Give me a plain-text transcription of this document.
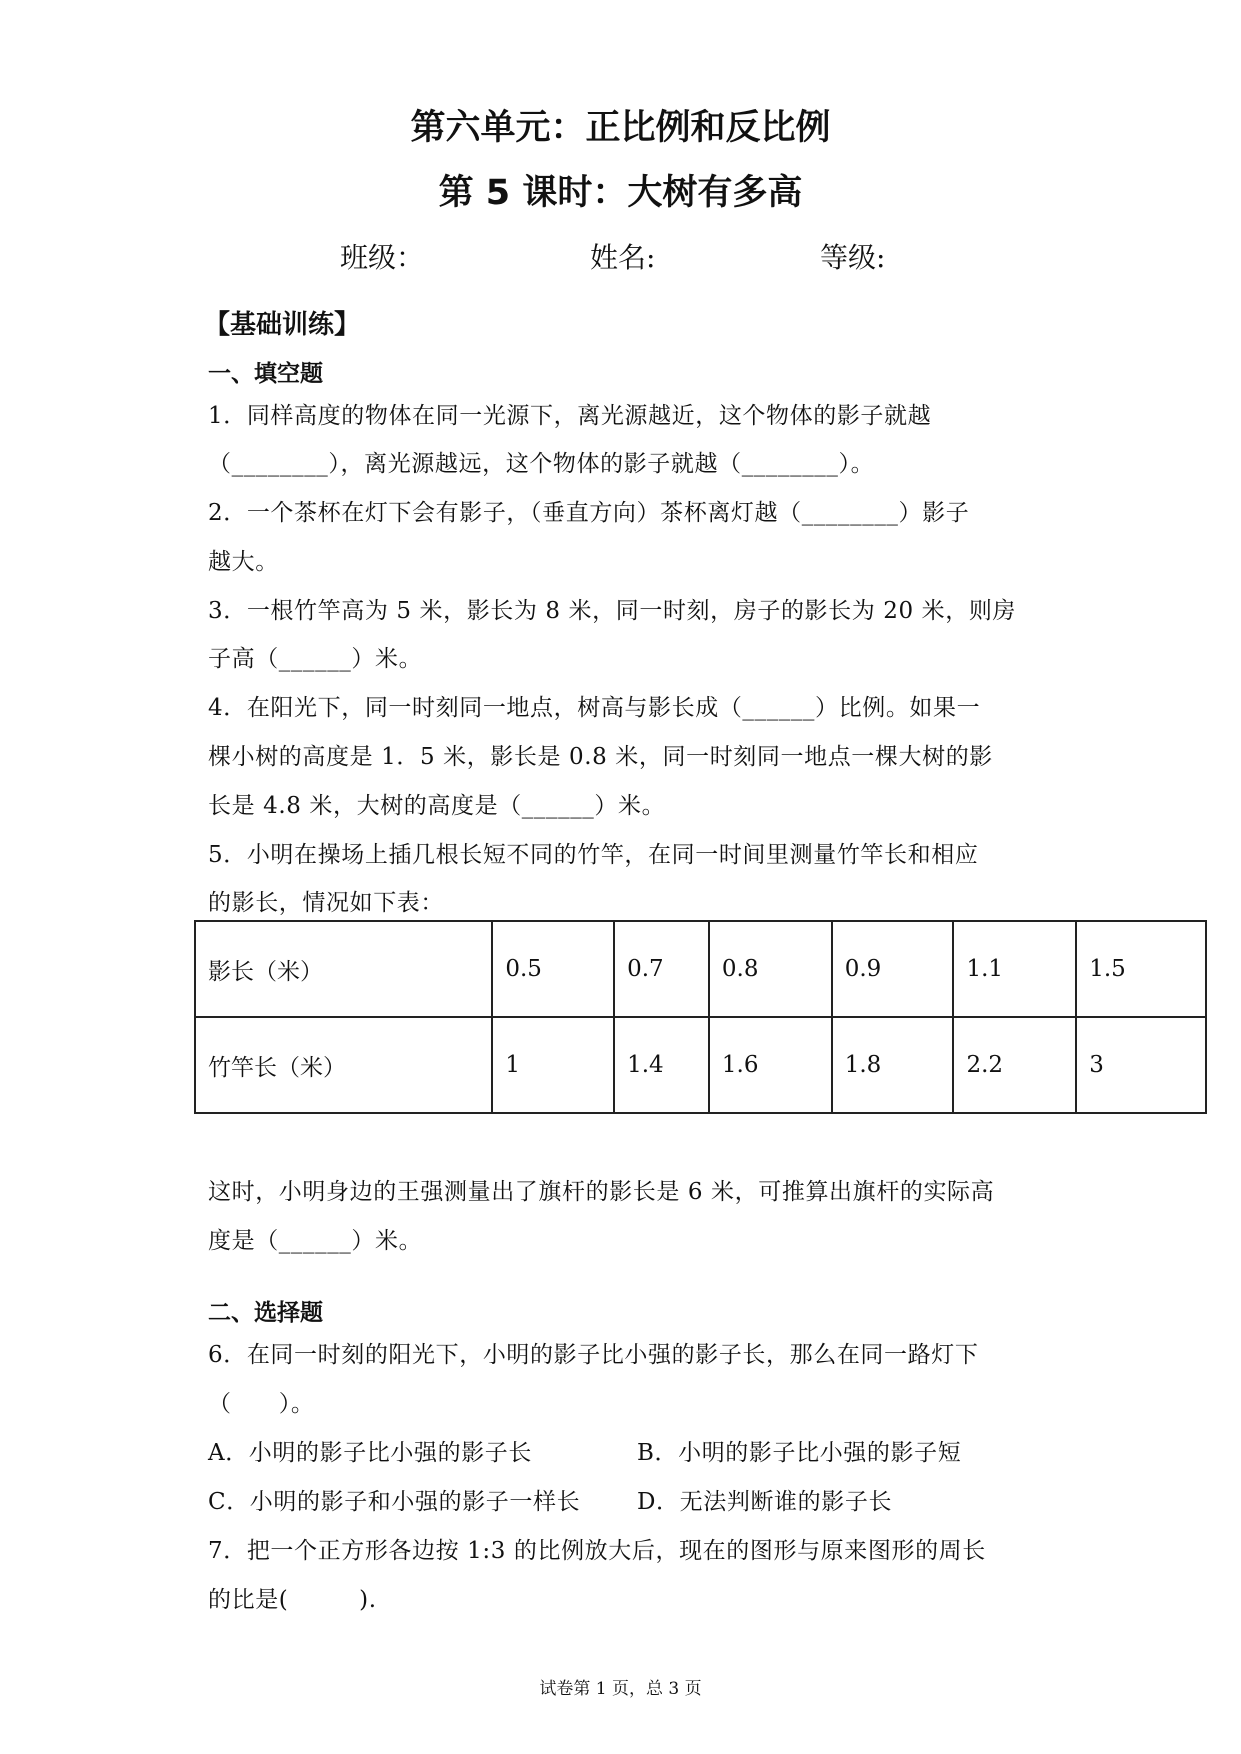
第六单元：正比例和反比例
第 5 课时：大树有多高
班级：	姓名:	等级:
【基础训练】
一、填空题
1．同样高度的物体在同一光源下，离光源越近，这个物体的影子就越
（________），离光源越远，这个物体的影子就越（________）。
2．一个茶杯在灯下会有影子，（垂直方向）茶杯离灯越（________）影子
越大。
3．一根竹竿高为 5 米，影长为 8 米，同一时刻，房子的影长为 20 米，则房
子高（______）米。
4．在阳光下，同一时刻同一地点，树高与影长成（______）比例。如果一
棵小树的高度是 1．5 米，影长是 0.8 米，同一时刻同一地点一棵大树的影
长是 4.8 米，大树的高度是（______）米。
5．小明在操场上插几根长短不同的竹竿，在同一时间里测量竹竿长和相应
的影长，情况如下表：
影长（米）	0.5	0.7	0.8	0.9	1.1	1.5
竹竿长（米）	1	1.4	1.6	1.8	2.2	3
这时，小明身边的王强测量出了旗杆的影长是 6 米，可推算出旗杆的实际高
度是（______）米。
二、选择题
6．在同一时刻的阳光下，小明的影子比小强的影子长，那么在同一路灯下
（　　）。
A．小明的影子比小强的影子长	B．小明的影子比小强的影子短
C．小明的影子和小强的影子一样长 D．无法判断谁的影子长
7．把一个正方形各边按 1:3 的比例放大后，现在的图形与原来图形的周长
的比是(　　　).
试卷第 1 页，总 3 页
